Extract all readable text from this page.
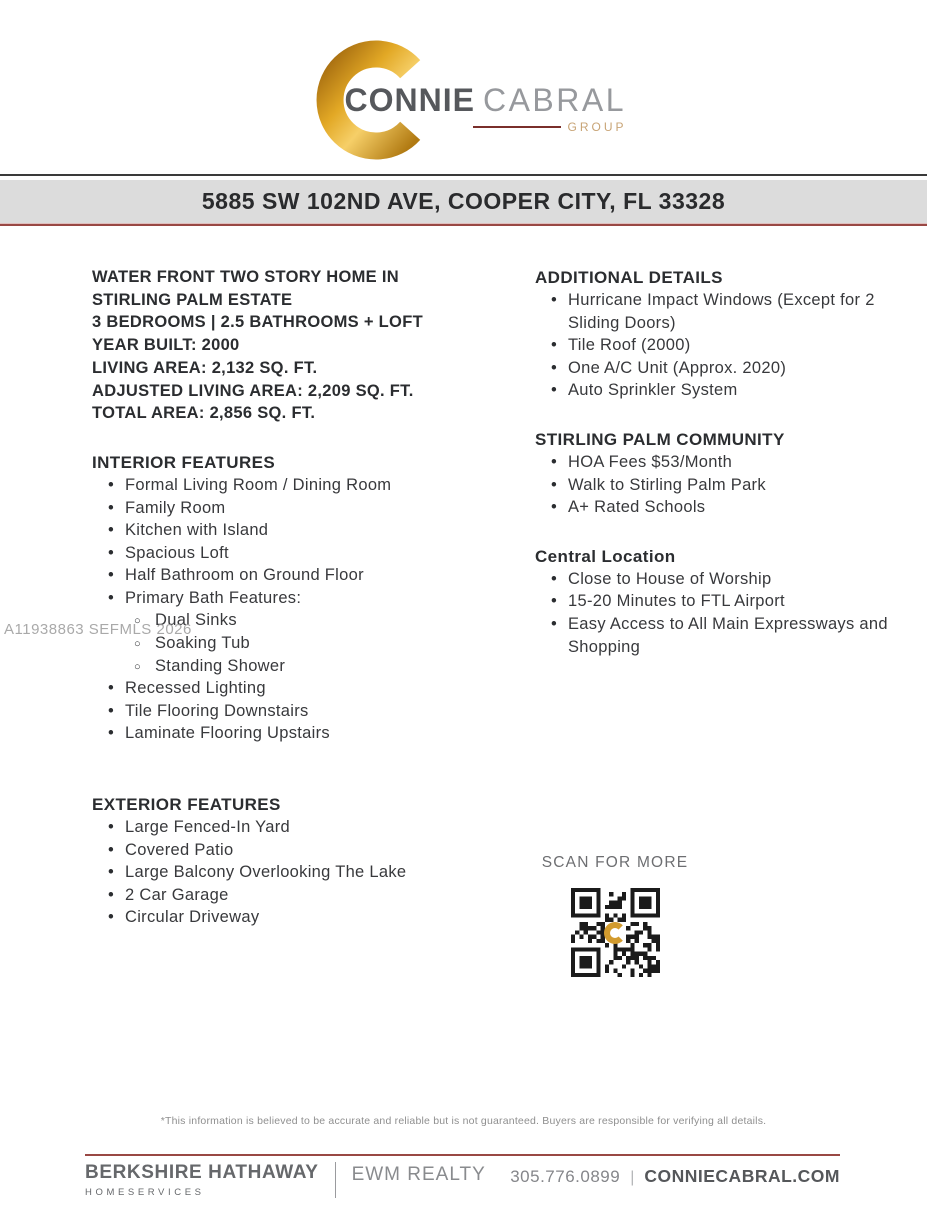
CONNIE CABRAL
GROUP
5885 SW 102ND AVE, COOPER CITY, FL 33328
A11938863 SEFMLS 2026
WATER FRONT TWO STORY HOME IN
STIRLING PALM ESTATE
3 BEDROOMS | 2.5 BATHROOMS + LOFT
YEAR BUILT: 2000
LIVING AREA: 2,132 SQ. FT.
ADJUSTED LIVING AREA: 2,209 SQ. FT.
TOTAL AREA: 2,856 SQ. FT.
INTERIOR FEATURES
• Formal Living Room / Dining Room
• Family Room
• Kitchen with Island
• Spacious Loft
• Half Bathroom on Ground Floor
• Primary Bath Features:
○ Dual Sinks
○ Soaking Tub
○ Standing Shower
• Recessed Lighting
• Tile Flooring Downstairs
• Laminate Flooring Upstairs
EXTERIOR FEATURES
• Large Fenced-In Yard
• Covered Patio
• Large Balcony Overlooking The Lake
• 2 Car Garage
• Circular Driveway
ADDITIONAL DETAILS
• Hurricane Impact Windows (Except for 2 Sliding Doors)
• Tile Roof (2000)
• One A/C Unit (Approx. 2020)
• Auto Sprinkler System
STIRLING PALM COMMUNITY
• HOA Fees $53/Month
• Walk to Stirling Palm Park
• A+ Rated Schools
Central Location
• Close to House of Worship
• 15-20 Minutes to FTL Airport
• Easy Access to All Main Expressways and Shopping
SCAN FOR MORE
*This information is believed to be accurate and reliable but is not guaranteed. Buyers are responsible for verifying all details.
BERKSHIRE HATHAWAY
HOMESERVICES
EWM REALTY 305.776.0899 | CONNIECABRAL.COM
